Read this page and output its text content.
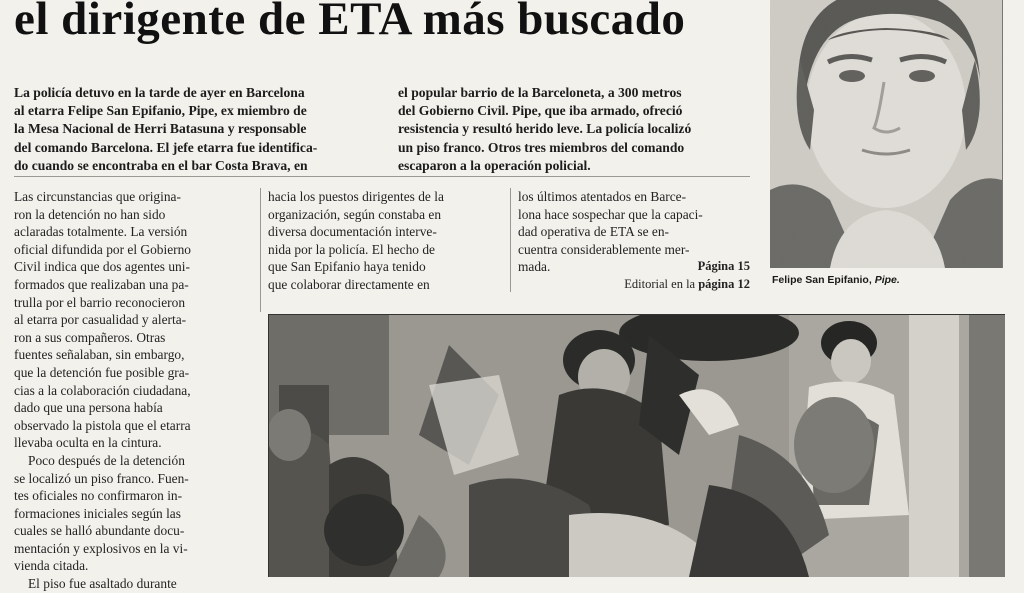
el dirigente de ETA más buscado

La policía detuvo en la tarde de ayer en Barcelona

al etarra Felipe San Epifanio, Pipe, ex miembro de

la Mesa Nacional de Herri Batasuna y responsable

del comando Barcelona. El jefe etarra fue identifica-

do cuando se encontraba en el bar Costa Brava, en

el popular barrio de la Barceloneta, a 300 metros

del Gobierno Civil. Pipe, que iba armado, ofreció

resistencia y resultó herido leve. La policía localizó

un piso franco. Otros tres miembros del comando

escaparon a la operación policial.

Las circunstancias que origina-

ron la detención no han sido

aclaradas totalmente. La versión

oficial difundida por el Gobierno

Civil indica que dos agentes uni-

formados que realizaban una pa-

trulla por el barrio reconocieron

al etarra por casualidad y alerta-

ron a sus compañeros. Otras

fuentes señalaban, sin embargo,

que la detención fue posible gra-

cias a la colaboración ciudadana,

dado que una persona había

observado la pistola que el etarra

llevaba oculta en la cintura.

Poco después de la detención

se localizó un piso franco. Fuen-

tes oficiales no confirmaron in-

formaciones iniciales según las

cuales se halló abundante docu-

mentación y explosivos en la vi-

vienda citada.

El piso fue asaltado durante

hacia los puestos dirigentes de la

organización, según constaba en

diversa documentación interve-

nida por la policía. El hecho de

que San Epifanio haya tenido

que colaborar directamente en

los últimos atentados en Barce-

lona hace sospechar que la capaci-

dad operativa de ETA se en-

cuentra considerablemente mer-

mada.	Página 15

Editorial en la página 12 Felipe San Epifanio, Pipe.
